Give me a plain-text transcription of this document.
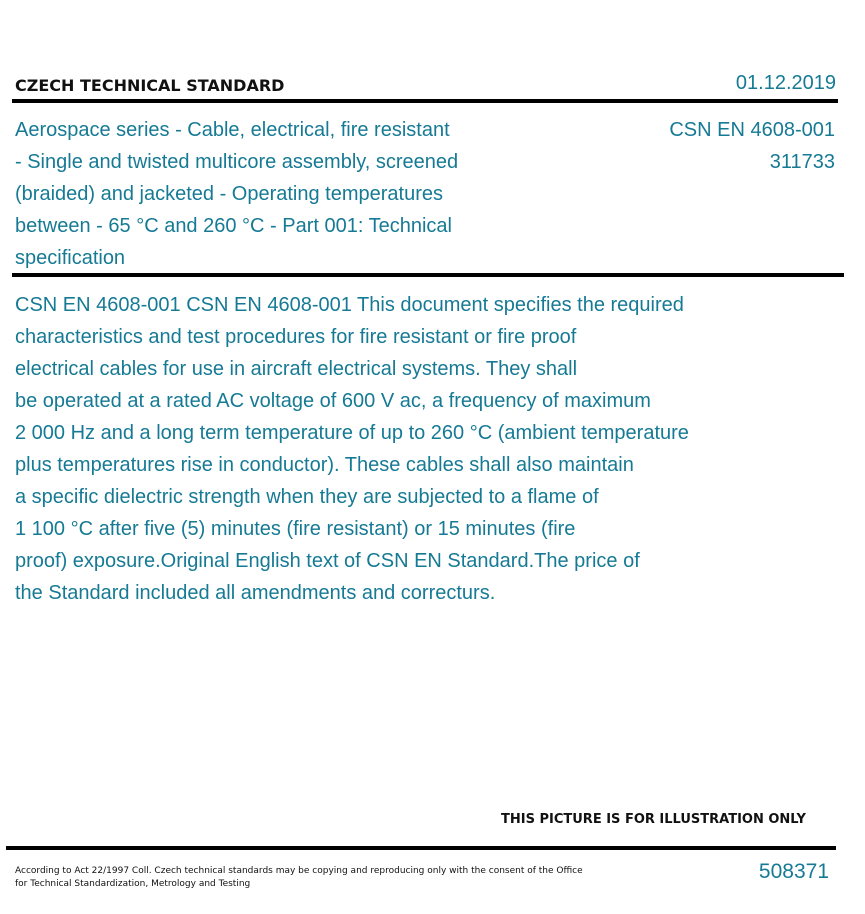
CZECH TECHNICAL STANDARD	01.12.2019
Aerospace series - Cable, electrical, fire resistant
- Single and twisted multicore assembly, screened
(braided) and jacketed - Operating temperatures
between - 65 °C and 260 °C - Part 001: Technical
specification
CSN EN 4608-001
311733
CSN EN 4608-001 CSN EN 4608-001 This document specifies the required
characteristics and test procedures for fire resistant or fire proof
electrical cables for use in aircraft electrical systems. They shall
be operated at a rated AC voltage of 600 V ac, a frequency of maximum
2 000 Hz and a long term temperature of up to 260 °C (ambient temperature
plus temperatures rise in conductor). These cables shall also maintain
a specific dielectric strength when they are subjected to a flame of
1 100 °C after five (5) minutes (fire resistant) or 15 minutes (fire
proof) exposure.Original English text of CSN EN Standard.The price of
the Standard included all amendments and correcturs.
THIS PICTURE IS FOR ILLUSTRATION ONLY
According to Act 22/1997 Coll. Czech technical standards may be copying and reproducing only with the consent of the Office
for Technical Standardization, Metrology and Testing
508371
